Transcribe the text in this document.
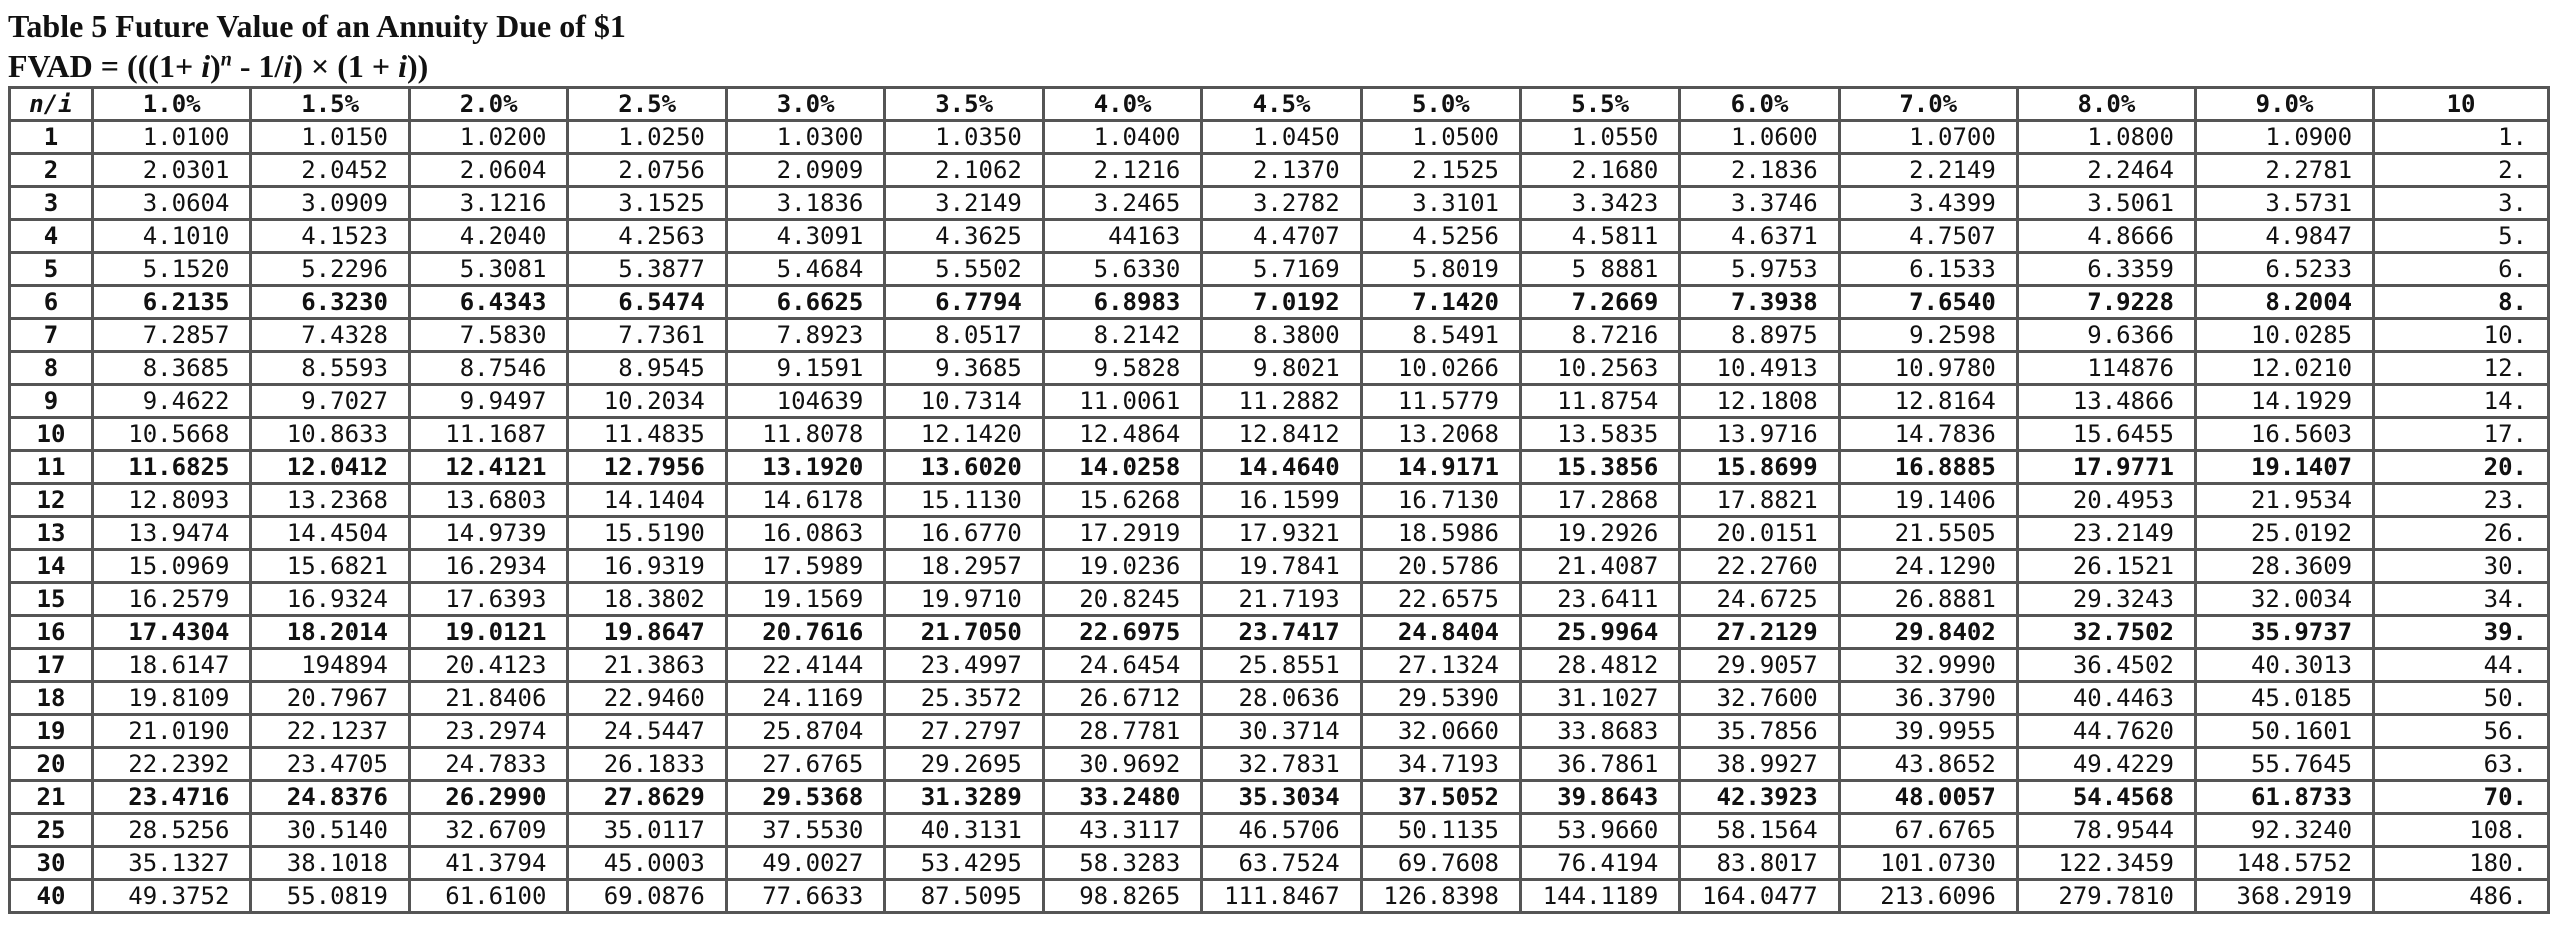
Table 5 Future Value of an Annuity Due of $1
FVAD = $(((1+ i)^n - 1/i) \times (1 + i))$
n/i	1.0%	1.5%	2.0%	2.5%	3.0%	3.5%	4.0%	4.5%	5.0%	5.5%	6.0%	7.0%	8.0%	9.0%	10
1	1.0100	1.0150	1.0200	1.0250	1.0300	1.0350	1.0400	1.0450	1.0500	1.0550	1.0600	1.0700	1.0800	1.0900	1.
2	2.0301	2.0452	2.0604	2.0756	2.0909	2.1062	2.1216	2.1370	2.1525	2.1680	2.1836	2.2149	2.2464	2.2781	2.
3	3.0604	3.0909	3.1216	3.1525	3.1836	3.2149	3.2465	3.2782	3.3101	3.3423	3.3746	3.4399	3.5061	3.5731	3.
4	4.1010	4.1523	4.2040	4.2563	4.3091	4.3625	44163	4.4707	4.5256	4.5811	4.6371	4.7507	4.8666	4.9847	5.
5	5.1520	5.2296	5.3081	5.3877	5.4684	5.5502	5.6330	5.7169	5.8019	5 8881	5.9753	6.1533	6.3359	6.5233	6.
6	6.2135	6.3230	6.4343	6.5474	6.6625	6.7794	6.8983	7.0192	7.1420	7.2669	7.3938	7.6540	7.9228	8.2004	8.
7	7.2857	7.4328	7.5830	7.7361	7.8923	8.0517	8.2142	8.3800	8.5491	8.7216	8.8975	9.2598	9.6366	10.0285	10.
8	8.3685	8.5593	8.7546	8.9545	9.1591	9.3685	9.5828	9.8021	10.0266	10.2563	10.4913	10.9780	114876	12.0210	12.
9	9.4622	9.7027	9.9497	10.2034	104639	10.7314	11.0061	11.2882	11.5779	11.8754	12.1808	12.8164	13.4866	14.1929	14.
10	10.5668	10.8633	11.1687	11.4835	11.8078	12.1420	12.4864	12.8412	13.2068	13.5835	13.9716	14.7836	15.6455	16.5603	17.
11	11.6825	12.0412	12.4121	12.7956	13.1920	13.6020	14.0258	14.4640	14.9171	15.3856	15.8699	16.8885	17.9771	19.1407	20.
12	12.8093	13.2368	13.6803	14.1404	14.6178	15.1130	15.6268	16.1599	16.7130	17.2868	17.8821	19.1406	20.4953	21.9534	23.
13	13.9474	14.4504	14.9739	15.5190	16.0863	16.6770	17.2919	17.9321	18.5986	19.2926	20.0151	21.5505	23.2149	25.0192	26.
14	15.0969	15.6821	16.2934	16.9319	17.5989	18.2957	19.0236	19.7841	20.5786	21.4087	22.2760	24.1290	26.1521	28.3609	30.
15	16.2579	16.9324	17.6393	18.3802	19.1569	19.9710	20.8245	21.7193	22.6575	23.6411	24.6725	26.8881	29.3243	32.0034	34.
16	17.4304	18.2014	19.0121	19.8647	20.7616	21.7050	22.6975	23.7417	24.8404	25.9964	27.2129	29.8402	32.7502	35.9737	39.
17	18.6147	194894	20.4123	21.3863	22.4144	23.4997	24.6454	25.8551	27.1324	28.4812	29.9057	32.9990	36.4502	40.3013	44.
18	19.8109	20.7967	21.8406	22.9460	24.1169	25.3572	26.6712	28.0636	29.5390	31.1027	32.7600	36.3790	40.4463	45.0185	50.
19	21.0190	22.1237	23.2974	24.5447	25.8704	27.2797	28.7781	30.3714	32.0660	33.8683	35.7856	39.9955	44.7620	50.1601	56.
20	22.2392	23.4705	24.7833	26.1833	27.6765	29.2695	30.9692	32.7831	34.7193	36.7861	38.9927	43.8652	49.4229	55.7645	63.
21	23.4716	24.8376	26.2990	27.8629	29.5368	31.3289	33.2480	35.3034	37.5052	39.8643	42.3923	48.0057	54.4568	61.8733	70.
25	28.5256	30.5140	32.6709	35.0117	37.5530	40.3131	43.3117	46.5706	50.1135	53.9660	58.1564	67.6765	78.9544	92.3240	108.
30	35.1327	38.1018	41.3794	45.0003	49.0027	53.4295	58.3283	63.7524	69.7608	76.4194	83.8017	101.0730	122.3459	148.5752	180.
40	49.3752	55.0819	61.6100	69.0876	77.6633	87.5095	98.8265	111.8467	126.8398	144.1189	164.0477	213.6096	279.7810	368.2919	486.
